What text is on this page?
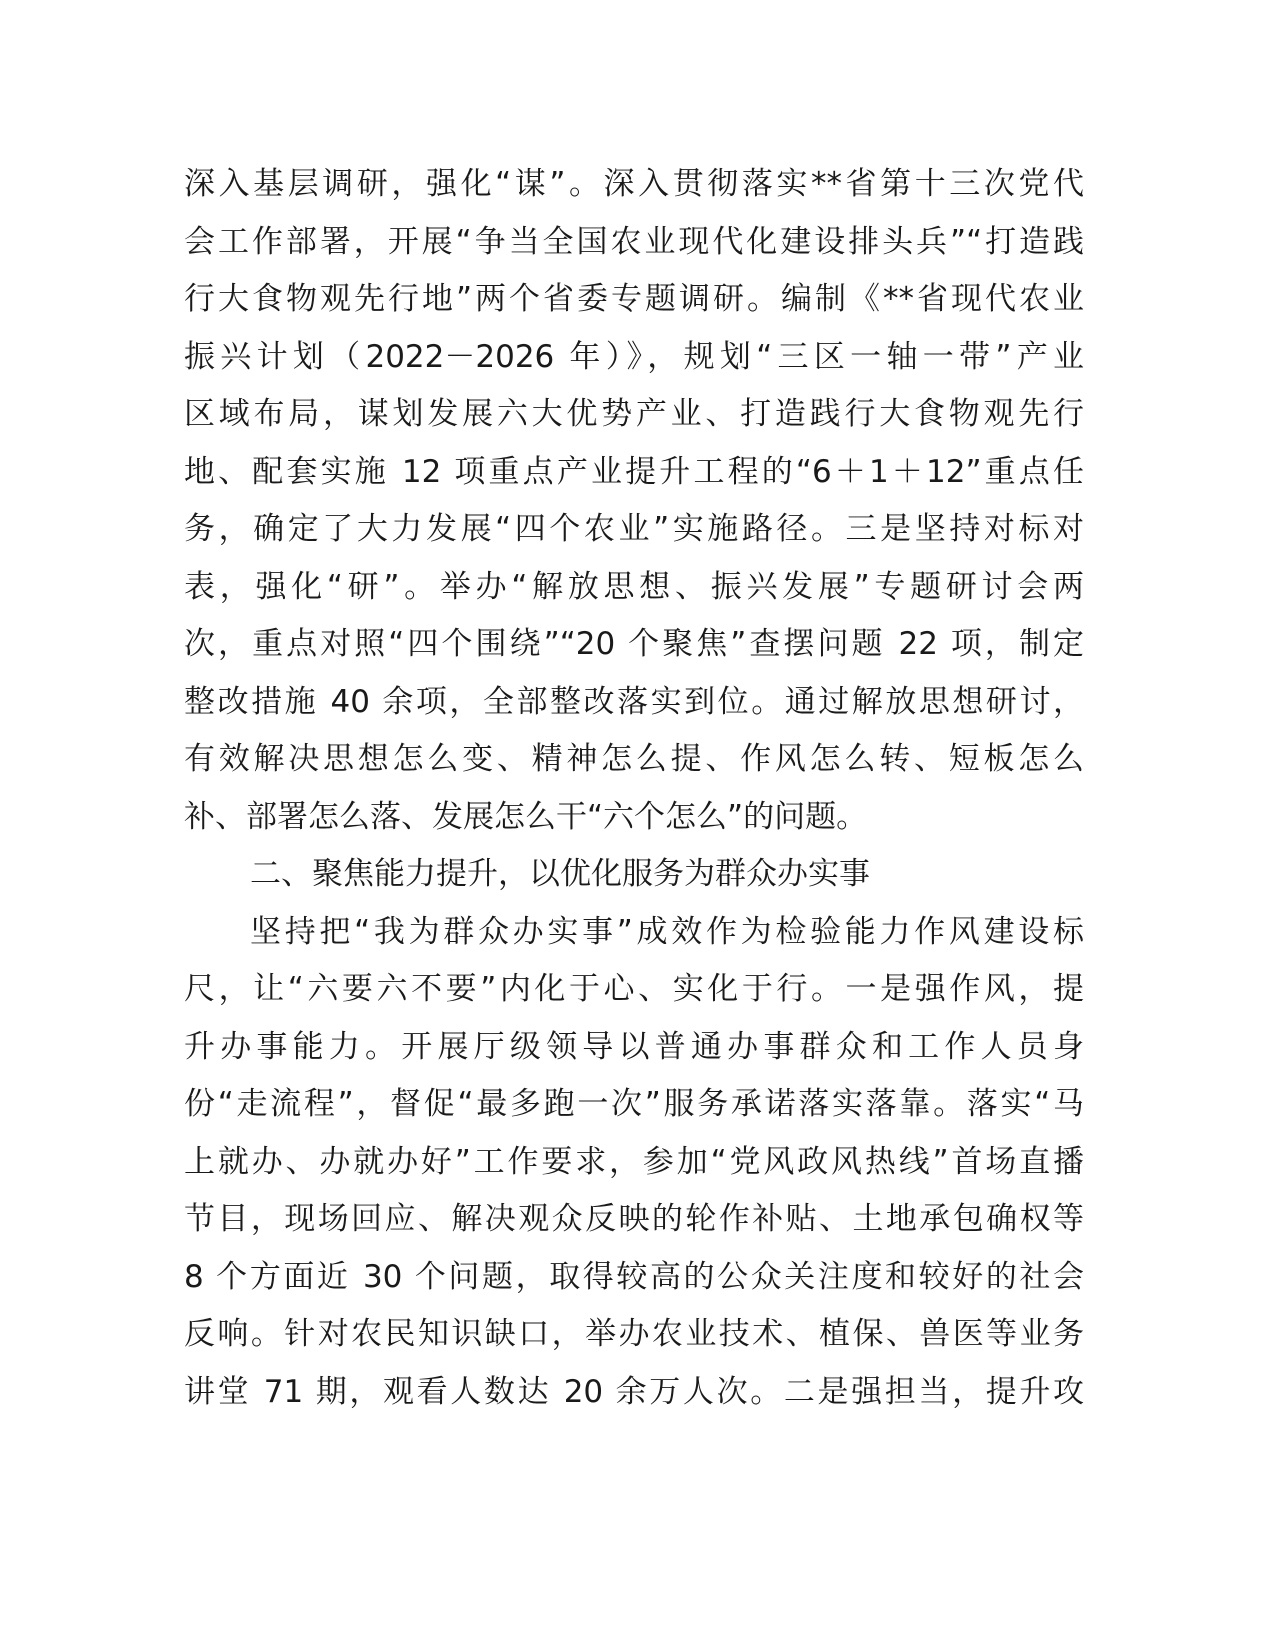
深入基层调研，强化“谋”。深入贯彻落实**省第十三次党代
会工作部署，开展“争当全国农业现代化建设排头兵”“打造践
行大食物观先行地”两个省委专题调研。编制《**省现代农业
振兴计划（2022－2026 年）》，规划“三区一轴一带”产业
区域布局，谋划发展六大优势产业、打造践行大食物观先行
地、配套实施 12 项重点产业提升工程的“6＋1＋12”重点任
务，确定了大力发展“四个农业”实施路径。三是坚持对标对
表，强化“研”。举办“解放思想、振兴发展”专题研讨会两
次，重点对照“四个围绕”“20 个聚焦”查摆问题 22 项，制定
整改措施 40 余项，全部整改落实到位。通过解放思想研讨，
有效解决思想怎么变、精神怎么提、作风怎么转、短板怎么
补、部署怎么落、发展怎么干“六个怎么”的问题。
二、聚焦能力提升，以优化服务为群众办实事
坚持把“我为群众办实事”成效作为检验能力作风建设标
尺，让“六要六不要”内化于心、实化于行。一是强作风，提
升办事能力。开展厅级领导以普通办事群众和工作人员身
份“走流程”，督促“最多跑一次”服务承诺落实落靠。落实“马
上就办、办就办好”工作要求，参加“党风政风热线”首场直播
节目，现场回应、解决观众反映的轮作补贴、土地承包确权等
8 个方面近 30 个问题，取得较高的公众关注度和较好的社会
反响。针对农民知识缺口，举办农业技术、植保、兽医等业务
讲堂 71 期，观看人数达 20 余万人次。二是强担当，提升攻
